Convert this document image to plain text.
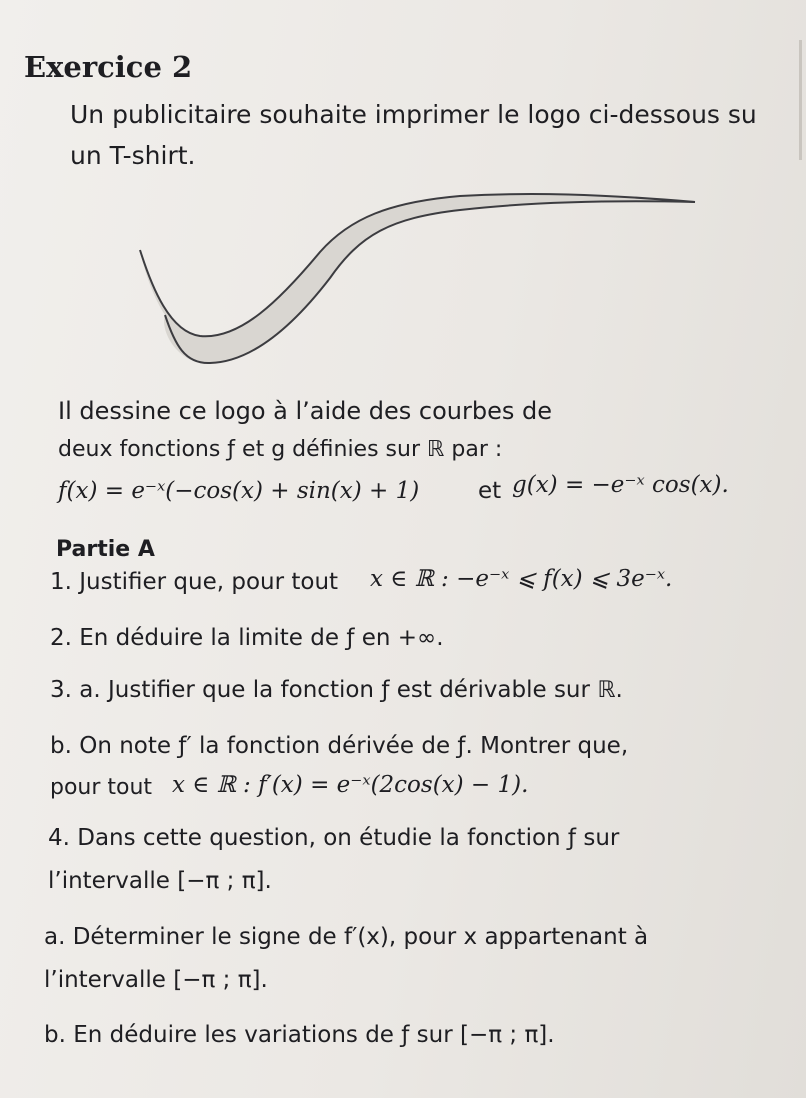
Exercice 2
Un publicitaire souhaite imprimer le logo ci-dessous su
un T-shirt.
Il dessine ce logo à l’aide des courbes de
deux fonctions ƒ et g définies sur ℝ par :
f(x) = e⁻ˣ(−cos(x) + sin(x) + 1)	et g(x) = −e⁻ˣ cos(x).
Partie A
1. Justifier que, pour tout x ∈ ℝ : −e⁻ˣ ⩽ f(x) ⩽ 3e⁻ˣ.
2. En déduire la limite de ƒ en +∞.
3. a. Justifier que la fonction ƒ est dérivable sur ℝ.
b. On note ƒ′ la fonction dérivée de ƒ. Montrer que,
pour tout x ∈ ℝ : f′(x) = e⁻ˣ(2cos(x) − 1).
4. Dans cette question, on étudie la fonction ƒ sur
l’intervalle [−π ; π].
a. Déterminer le signe de f′(x), pour x appartenant à
l’intervalle [−π ; π].
b. En déduire les variations de ƒ sur [−π ; π].
